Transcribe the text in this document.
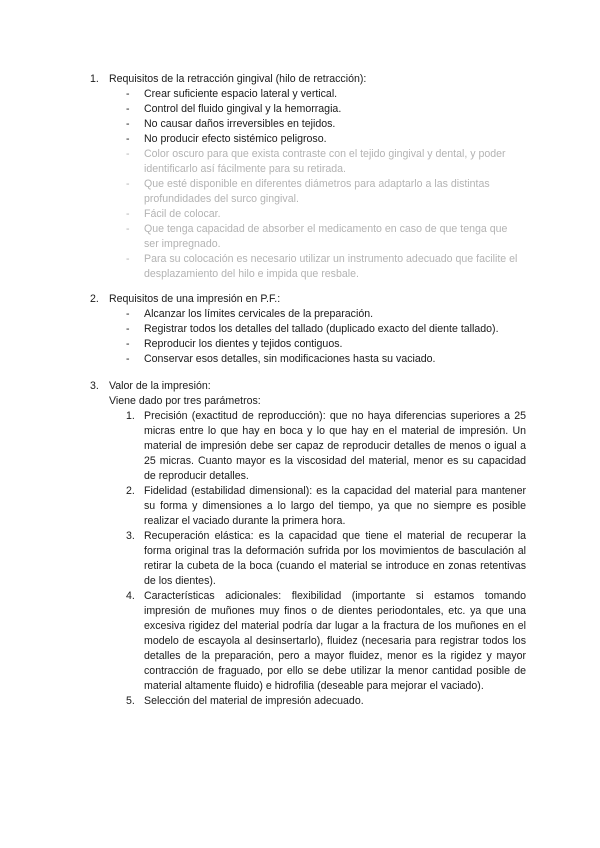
1. Requisitos de la retracción gingival (hilo de retracción):
- Crear suficiente espacio lateral y vertical.
- Control del fluido gingival y la hemorragia.
- No causar daños irreversibles en tejidos.
- No producir efecto sistémico peligroso.
- Color oscuro para que exista contraste con el tejido gingival y dental, y poder identificarlo así fácilmente para su retirada.
- Que esté disponible en diferentes diámetros para adaptarlo a las distintas profundidades del surco gingival.
- Fácil de colocar.
- Que tenga capacidad de absorber el medicamento en caso de que tenga que ser impregnado.
- Para su colocación es necesario utilizar un instrumento adecuado que facilite el desplazamiento del hilo e impida que resbale.
2. Requisitos de una impresión en P.F.:
- Alcanzar los límites cervicales de la preparación.
- Registrar todos los detalles del tallado (duplicado exacto del diente tallado).
- Reproducir los dientes y tejidos contiguos.
- Conservar esos detalles, sin modificaciones hasta su vaciado.
3. Valor de la impresión:
Viene dado por tres parámetros:
1. Precisión (exactitud de reproducción): que no haya diferencias superiores a 25 micras entre lo que hay en boca y lo que hay en el material de impresión. Un material de impresión debe ser capaz de reproducir detalles de menos o igual a 25 micras. Cuanto mayor es la viscosidad del material, menor es su capacidad de reproducir detalles.
2. Fidelidad (estabilidad dimensional): es la capacidad del material para mantener su forma y dimensiones a lo largo del tiempo, ya que no siempre es posible realizar el vaciado durante la primera hora.
3. Recuperación elástica: es la capacidad que tiene el material de recuperar la forma original tras la deformación sufrida por los movimientos de basculación al retirar la cubeta de la boca (cuando el material se introduce en zonas retentivas de los dientes).
4. Características adicionales: flexibilidad (importante si estamos tomando impresión de muñones muy finos o de dientes periodontales, etc. ya que una excesiva rigidez del material podría dar lugar a la fractura de los muñones en el modelo de escayola al desinsertarlo), fluidez (necesaria para registrar todos los detalles de la preparación, pero a mayor fluidez, menor es la rigidez y mayor contracción de fraguado, por ello se debe utilizar la menor cantidad posible de material altamente fluido) e hidrofilia (deseable para mejorar el vaciado).
5. Selección del material de impresión adecuado.
